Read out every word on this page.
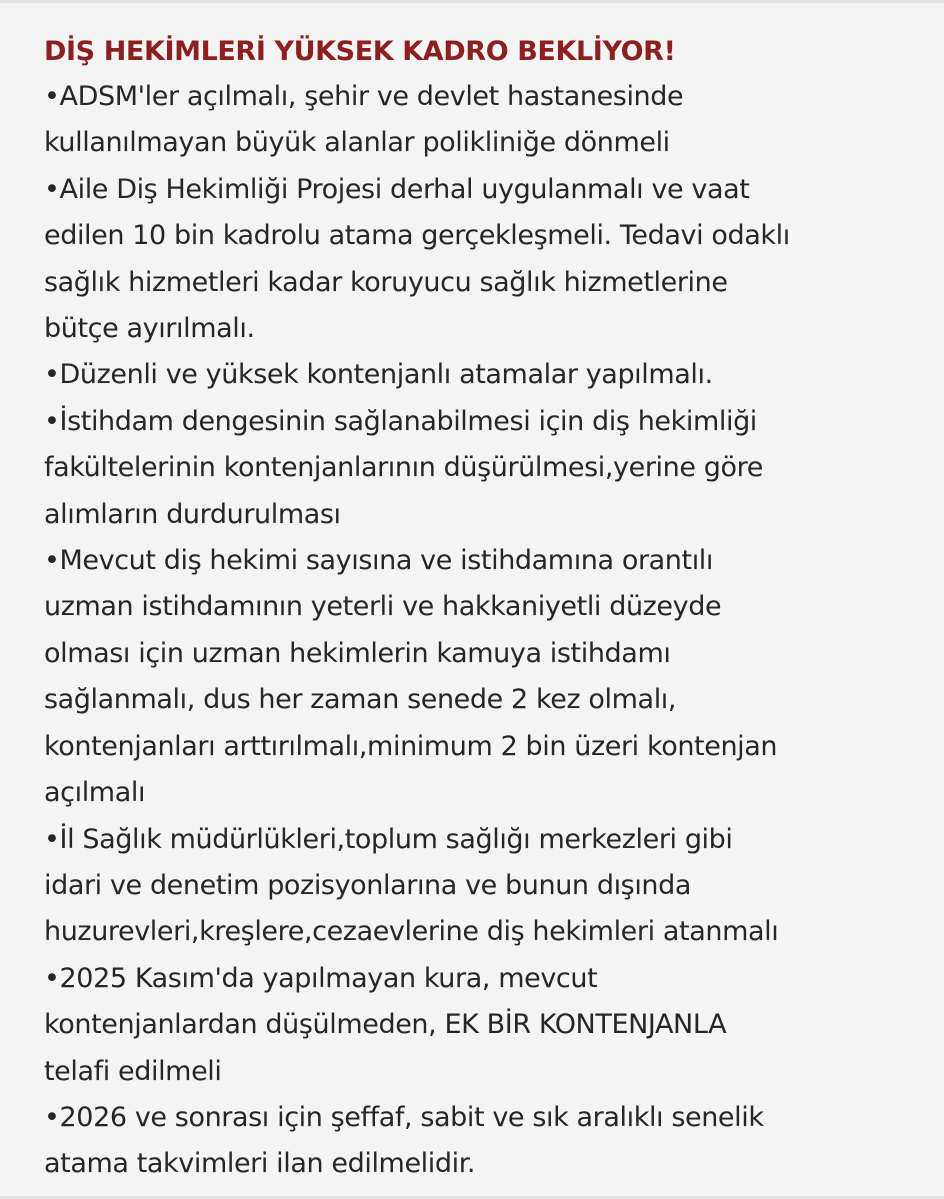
DİŞ HEKİMLERİ YÜKSEK KADRO BEKLİYOR!
•ADSM'ler açılmalı, şehir ve devlet hastanesinde
kullanılmayan büyük alanlar polikliniğe dönmeli
•Aile Diş Hekimliği Projesi derhal uygulanmalı ve vaat
edilen 10 bin kadrolu atama gerçekleşmeli. Tedavi odaklı
sağlık hizmetleri kadar koruyucu sağlık hizmetlerine
bütçe ayırılmalı.
•Düzenli ve yüksek kontenjanlı atamalar yapılmalı.
•İstihdam dengesinin sağlanabilmesi için diş hekimliği
fakültelerinin kontenjanlarının düşürülmesi,yerine göre
alımların durdurulması
•Mevcut diş hekimi sayısına ve istihdamına orantılı
uzman istihdamının yeterli ve hakkaniyetli düzeyde
olması için uzman hekimlerin kamuya istihdamı
sağlanmalı, dus her zaman senede 2 kez olmalı,
kontenjanları arttırılmalı,minimum 2 bin üzeri kontenjan
açılmalı
•İl Sağlık müdürlükleri,toplum sağlığı merkezleri gibi
idari ve denetim pozisyonlarına ve bunun dışında
huzurevleri,kreşlere,cezaevlerine diş hekimleri atanmalı
•2025 Kasım'da yapılmayan kura, mevcut
kontenjanlardan düşülmeden, EK BİR KONTENJANLA
telafi edilmeli
•2026 ve sonrası için şeffaf, sabit ve sık aralıklı senelik
atama takvimleri ilan edilmelidir.
